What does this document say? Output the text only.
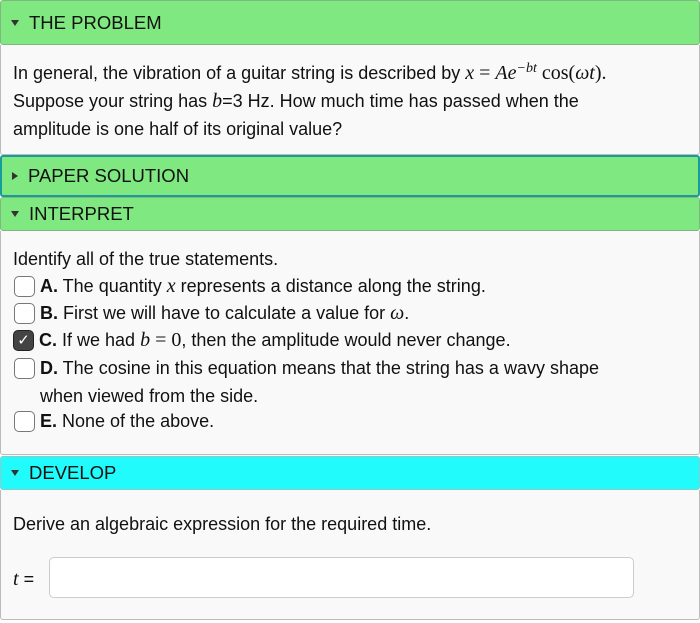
THE PROBLEM

In general, the vibration of a guitar string is described by $x = Ae^{-bt}$ cos(ωt).
Suppose your string has b=3 Hz. How much time has passed when the
amplitude is one half of its original value?

PAPER SOLUTION
INTERPRET

Identify all of the true statements.

A. The quantity x represents a distance along the string.
B. First we will have to calculate a value for ω.
✓ C. If we had b = 0, then the amplitude would never change.
D. The cosine in this equation means that the string has a wavy shape
when viewed from the side.
E. None of the above.
DEVELOP

Derive an algebraic expression for the required time.

t =
